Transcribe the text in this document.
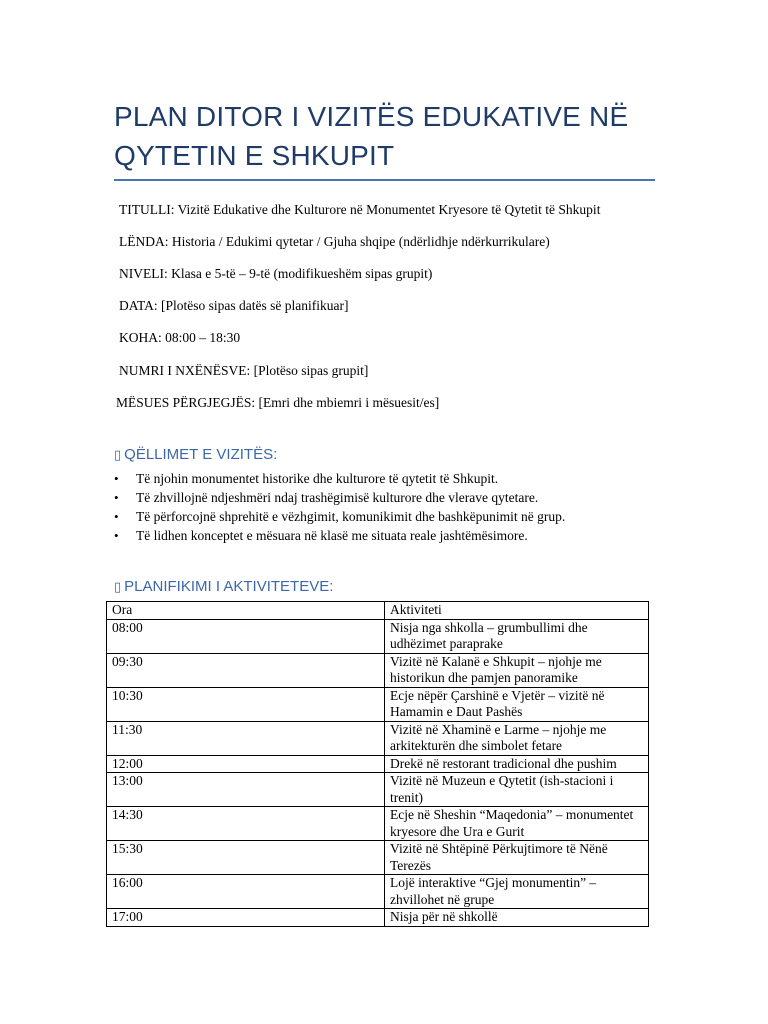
PLAN DITOR I VIZITËS EDUKATIVE NË QYTETIN E SHKUPIT
TITULLI: Vizitë Edukative dhe Kulturore në Monumentet Kryesore të Qytetit të Shkupit
LËNDA: Historia / Edukimi qytetar / Gjuha shqipe (ndërlidhje ndërkurrikulare)
NIVELI: Klasa e 5-të – 9-të (modifikueshëm sipas grupit)
DATA: [Plotëso sipas datës së planifikuar]
KOHA: 08:00 – 18:30
NUMRI I NXËNËSVE: [Plotëso sipas grupit]
MËSUES PËRGJEGJËS: [Emri dhe mbiemri i mësuesit/es]
▯ QËLLIMET E VIZITËS:
• Të njohin monumentet historike dhe kulturore të qytetit të Shkupit.
• Të zhvillojnë ndjeshmëri ndaj trashëgimisë kulturore dhe vlerave qytetare.
• Të përforcojnë shprehitë e vëzhgimit, komunikimit dhe bashkëpunimit në grup.
• Të lidhen konceptet e mësuara në klasë me situata reale jashtëmësimore.
▯ PLANIFIKIMI I AKTIVITETEVE:
Ora	Aktiviteti
08:00	Nisja nga shkolla – grumbullimi dhe udhëzimet paraprake
09:30	Vizitë në Kalanë e Shkupit – njohje me historikun dhe pamjen panoramike
10:30	Ecje nëpër Çarshinë e Vjetër – vizitë në Hamamin e Daut Pashës
11:30	Vizitë në Xhaminë e Larme – njohje me arkitekturën dhe simbolet fetare
12:00	Drekë në restorant tradicional dhe pushim
13:00	Vizitë në Muzeun e Qytetit (ish-stacioni i trenit)
14:30	Ecje në Sheshin “Maqedonia” – monumentet kryesore dhe Ura e Gurit
15:30	Vizitë në Shtëpinë Përkujtimore të Nënë Terezës
16:00	Lojë interaktive “Gjej monumentin” – zhvillohet në grupe
17:00	Nisja për në shkollë
